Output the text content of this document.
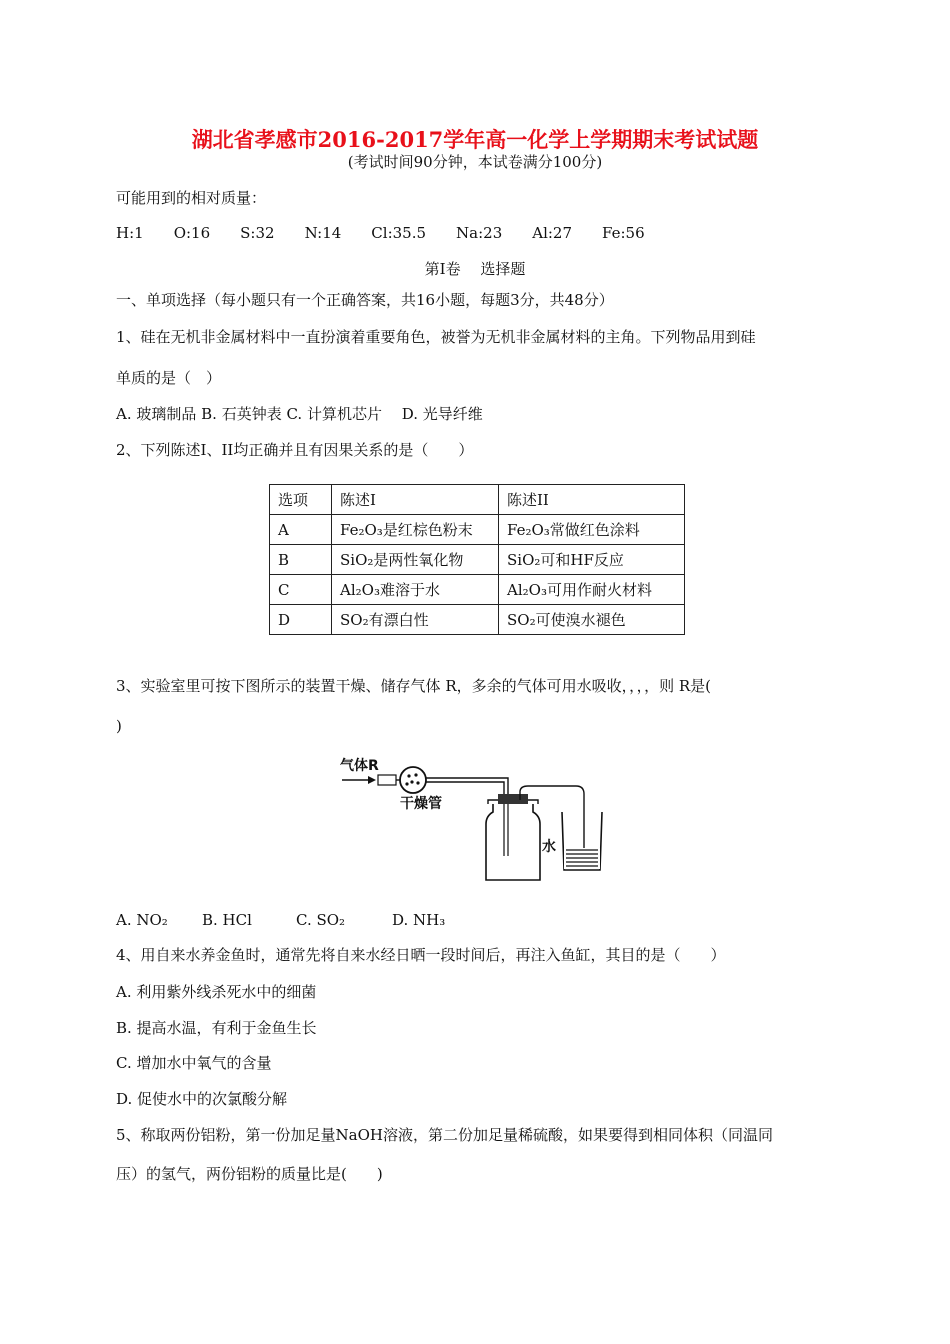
湖北省孝感市2016-2017学年高一化学上学期期末考试试题
(考试时间90分钟，本试卷满分100分)
可能用到的相对质量：
H:1 O:16 S:32 N:14 Cl:35.5 Na:23 Al:27 Fe:56
第Ⅰ卷　 选择题
一、单项选择（每小题只有一个正确答案，共16小题，每题3分，共48分）
1、硅在无机非金属材料中一直扮演着重要角色，被誉为无机非金属材料的主角。下列物品用到硅
单质的是（　）
A. 玻璃制品 B. 石英钟表 C. 计算机芯片　 D. 光导纤维
2、下列陈述I、II均正确并且有因果关系的是（　　）
选项	陈述I	陈述II
A	Fe₂O₃是红棕色粉末	Fe₂O₃常做红色涂料
B	SiO₂是两性氧化物	SiO₂可和HF反应
C	Al₂O₃难溶于水	Al₂O₃可用作耐火材料
D	SO₂有漂白性	SO₂可使溴水褪色
3、实验室里可按下图所示的装置干燥、储存气体 R，多余的气体可用水吸收，，，，则 R是(
)
气体R
干燥管
水
A. NO₂ B. HCl	C. SO₂	D. NH₃
4、用自来水养金鱼时，通常先将自来水经日晒一段时间后，再注入鱼缸，其目的是（　　）
A. 利用紫外线杀死水中的细菌
B. 提高水温，有利于金鱼生长
C. 增加水中氧气的含量
D. 促使水中的次氯酸分解
5、称取两份铝粉，第一份加足量NaOH溶液，第二份加足量稀硫酸，如果要得到相同体积（同温同
压）的氢气，两份铝粉的质量比是(　　)
